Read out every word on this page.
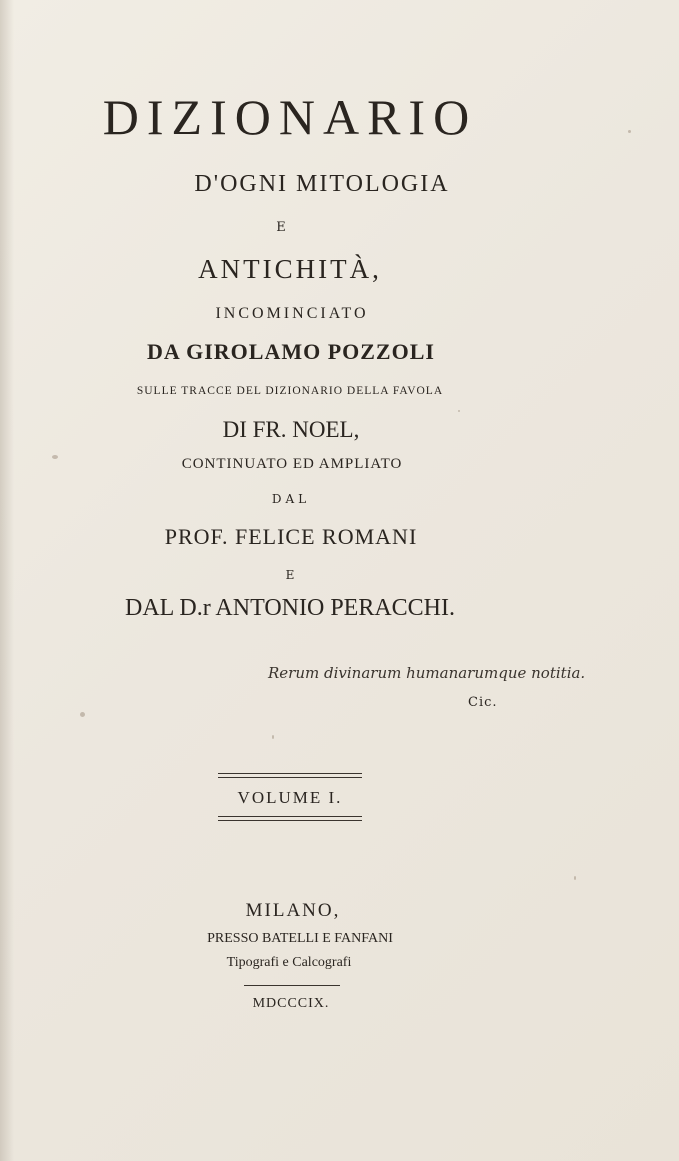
DIZIONARIO
D'OGNI MITOLOGIA
E
ANTICHITÀ,
INCOMINCIATO
DA GIROLAMO POZZOLI
SULLE TRACCE DEL DIZIONARIO DELLA FAVOLA
DI FR. NOEL,
CONTINUATO ED AMPLIATO
DAL
PROF. FELICE ROMANI
E
DAL D.r ANTONIO PERACCHI.
Rerum divinarum humanarumque notitia.
Cic.
VOLUME I.
MILANO,
PRESSO BATELLI E FANFANI
Tipografi e Calcografi
MDCCCIX.
